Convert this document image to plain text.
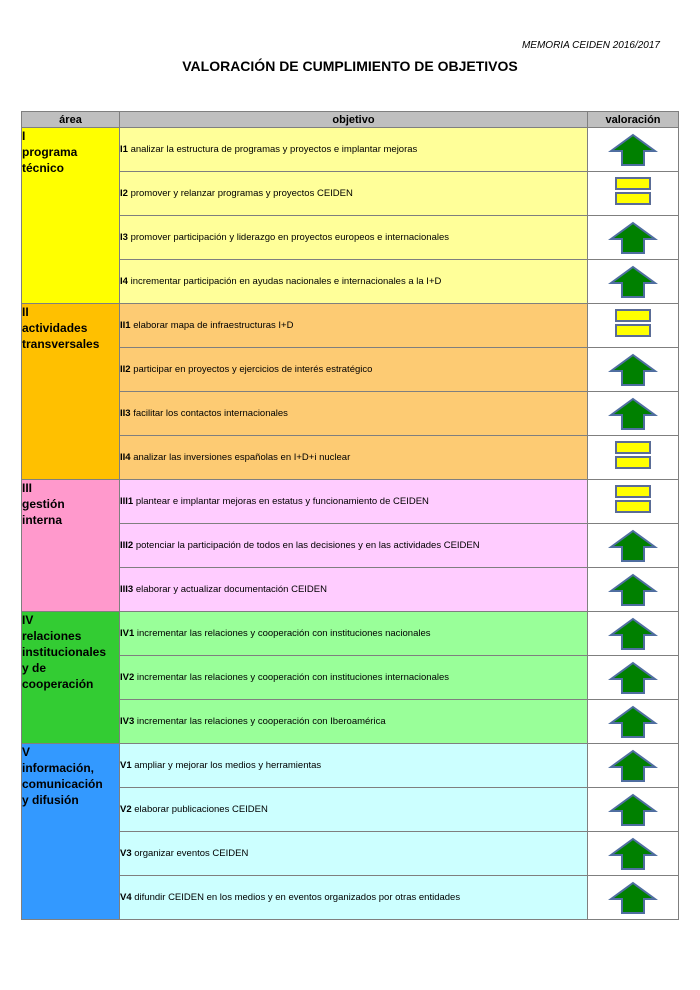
MEMORIA CEIDEN 2016/2017
VALORACIÓN DE CUMPLIMIENTO DE OBJETIVOS
área	objetivo	valoración

I
programa
técnico	I1 analizar la estructura de programas y proyectos e implantar mejoras	

	I2 promover y relanzar programas y proyectos CEIDEN	

	I3 promover participación y liderazgo en proyectos europeos e internacionales	

	I4 incrementar participación en ayudas nacionales e internacionales a la I+D	

II
actividades
transversales	II1 elaborar mapa de infraestructuras I+D	

	II2 participar en proyectos y ejercicios de interés estratégico	

	II3 facilitar los contactos internacionales	

	II4 analizar las inversiones españolas en I+D+i nuclear	

III
gestión
interna	III1 plantear e implantar mejoras en estatus y funcionamiento de CEIDEN	

	III2 potenciar la participación de todos en las decisiones y en las actividades CEIDEN	

	III3 elaborar y actualizar documentación CEIDEN	

IV
relaciones
institucionales
y de
cooperación	IV1 incrementar las relaciones y cooperación con instituciones nacionales	

	IV2 incrementar las relaciones y cooperación con instituciones internacionales	

	IV3 incrementar las relaciones y cooperación con Iberoamérica	

V
información,
comunicación
y difusión	V1 ampliar y mejorar los medios y herramientas	

	V2 elaborar publicaciones CEIDEN	

	V3 organizar eventos CEIDEN	

	V4 difundir CEIDEN en los medios y en eventos organizados por otras entidades	
